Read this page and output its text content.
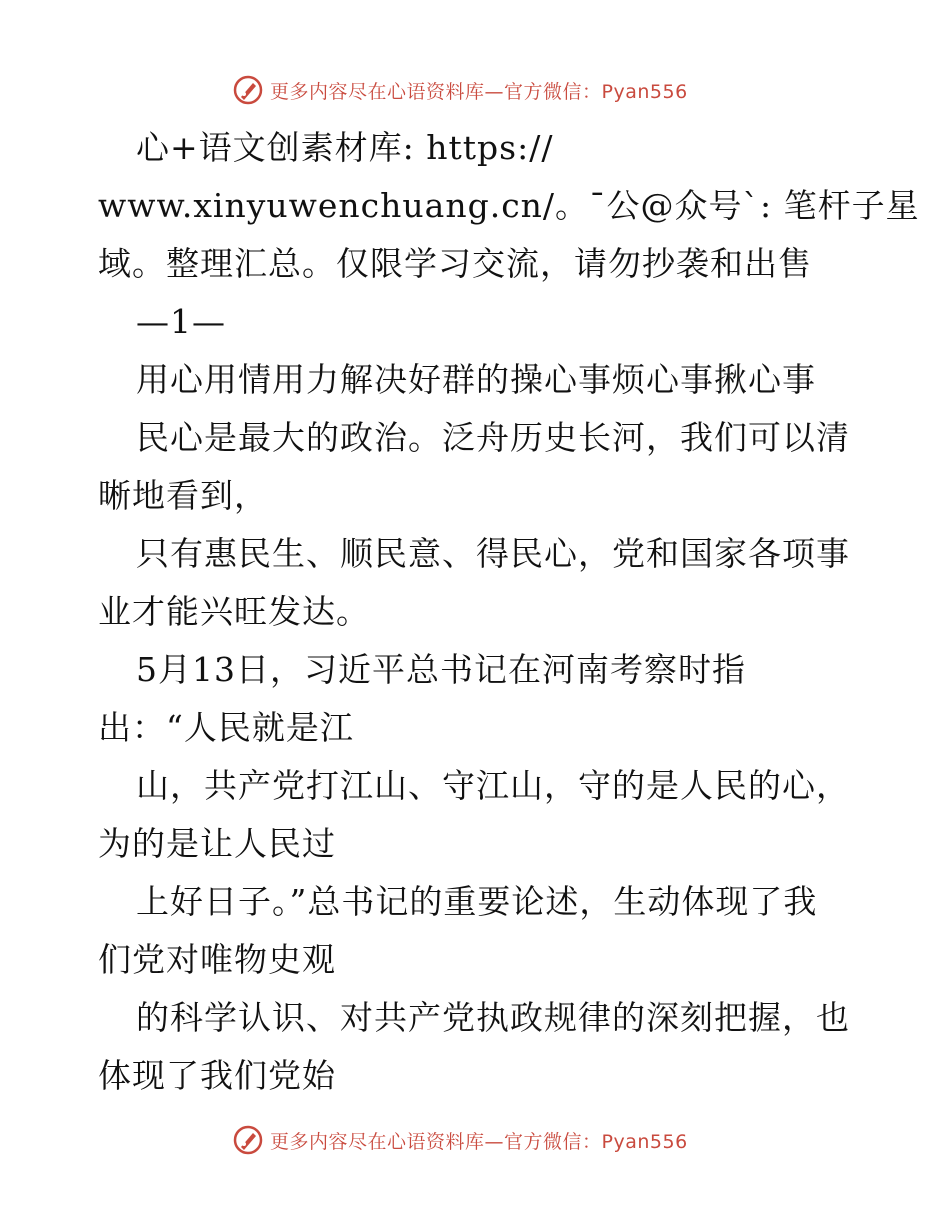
更多内容尽在心语资料库—官方微信：Pyan556
心+语文创素材库: https://
www.xinyuwenchuang.cn/。¯公@众号`: 笔杆子星
域。整理汇总。仅限学习交流，请勿抄袭和出售
—1—
用心用情用力解决好群的操心事烦心事揪心事
民心是最大的政治。泛舟历史长河，我们可以清
晰地看到，
只有惠民生、顺民意、得民心，党和国家各项事
业才能兴旺发达。
5月13日，习近平总书记在河南考察时指
出：“人民就是江
山，共产党打江山、守江山，守的是人民的心，
为的是让人民过
上好日子。”总书记的重要论述，生动体现了我
们党对唯物史观
的科学认识、对共产党执政规律的深刻把握，也
体现了我们党始
更多内容尽在心语资料库—官方微信：Pyan556
